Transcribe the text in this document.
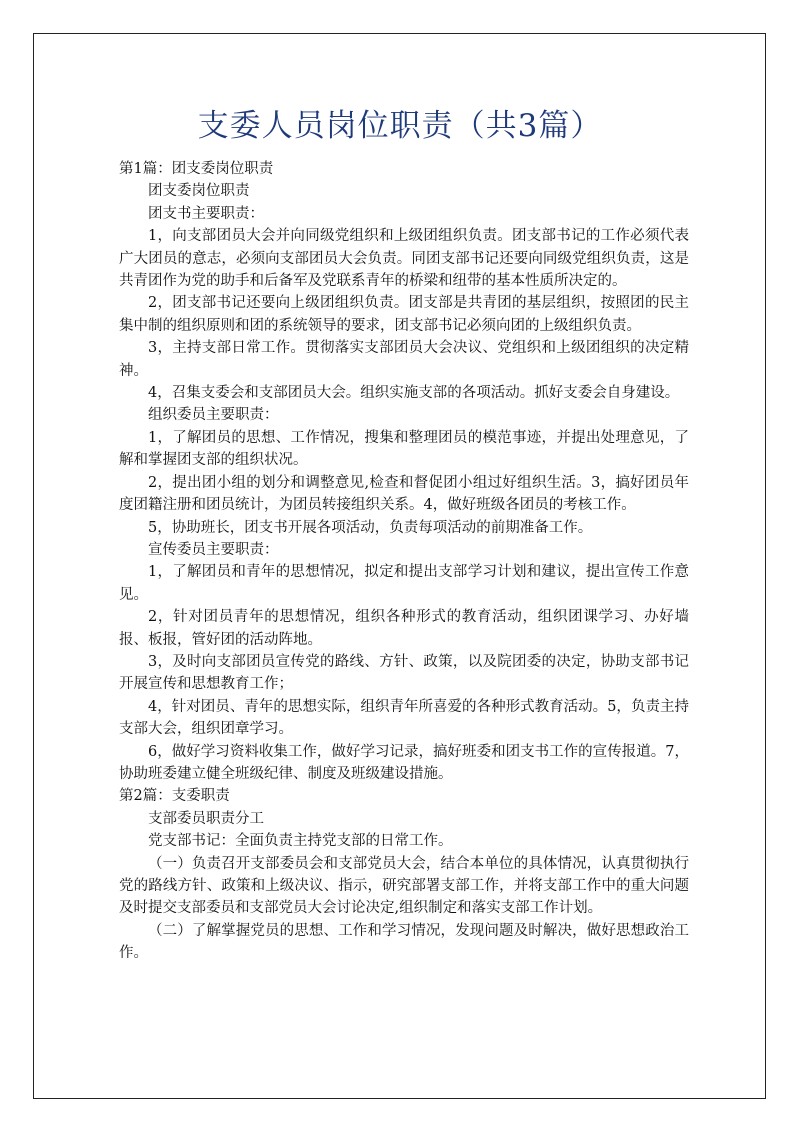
支委人员岗位职责（共3篇）

第1篇：团支委岗位职责

团支委岗位职责

团支书主要职责：

1，向支部团员大会并向同级党组织和上级团组织负责。团支部书记的工作必须代表广大团员的意志，必须向支部团员大会负责。同团支部书记还要向同级党组织负责，这是共青团作为党的助手和后备军及党联系青年的桥梁和纽带的基本性质所决定的。

2，团支部书记还要向上级团组织负责。团支部是共青团的基层组织，按照团的民主集中制的组织原则和团的系统领导的要求，团支部书记必须向团的上级组织负责。

3，主持支部日常工作。贯彻落实支部团员大会决议、党组织和上级团组织的决定精神。

4，召集支委会和支部团员大会。组织实施支部的各项活动。抓好支委会自身建设。

组织委员主要职责：

1，了解团员的思想、工作情况，搜集和整理团员的模范事迹，并提出处理意见，了解和掌握团支部的组织状况。

2，提出团小组的划分和调整意见,检查和督促团小组过好组织生活。3，搞好团员年度团籍注册和团员统计，为团员转接组织关系。4，做好班级各团员的考核工作。

5，协助班长，团支书开展各项活动，负责每项活动的前期准备工作。

宣传委员主要职责：

1，了解团员和青年的思想情况，拟定和提出支部学习计划和建议，提出宣传工作意见。

2，针对团员青年的思想情况，组织各种形式的教育活动，组织团课学习、办好墙报、板报，管好团的活动阵地。

3，及时向支部团员宣传党的路线、方针、政策，以及院团委的决定，协助支部书记开展宣传和思想教育工作；

4，针对团员、青年的思想实际，组织青年所喜爱的各种形式教育活动。5，负责主持支部大会，组织团章学习。

6，做好学习资料收集工作，做好学习记录，搞好班委和团支书工作的宣传报道。7，协助班委建立健全班级纪律、制度及班级建设措施。

第2篇：支委职责

支部委员职责分工

党支部书记：全面负责主持党支部的日常工作。

（一）负责召开支部委员会和支部党员大会，结合本单位的具体情况，认真贯彻执行党的路线方针、政策和上级决议、指示，研究部署支部工作，并将支部工作中的重大问题及时提交支部委员和支部党员大会讨论决定,组织制定和落实支部工作计划。

（二）了解掌握党员的思想、工作和学习情况，发现问题及时解决，做好思想政治工作。
